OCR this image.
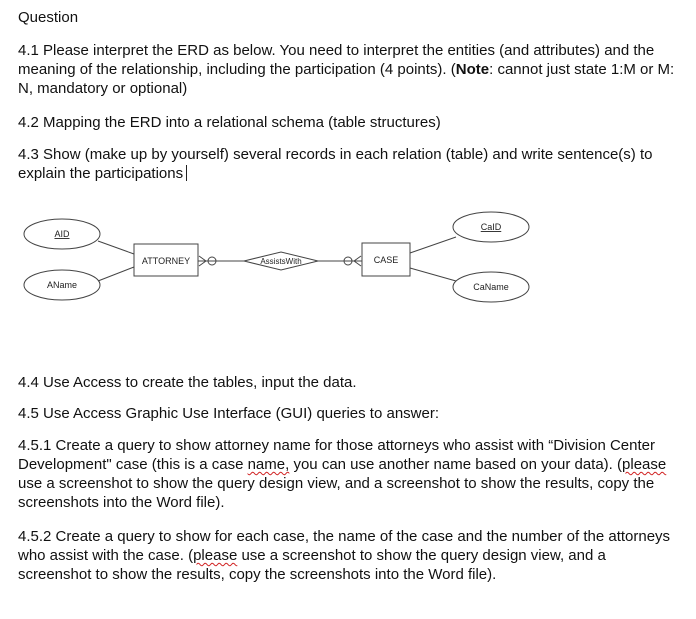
Question

4.1 Please interpret the ERD as below. You need to interpret the entities (and attributes) and the meaning of the relationship, including the participation (4 points). (Note: cannot just state 1:M or M: N, mandatory or optional)

4.2 Mapping the ERD into a relational schema (table structures)

4.3 Show (make up by yourself) several records in each relation (table) and write sentence(s) to explain the participations

AID
AName
ATTORNEY	AssistsWith	CASE
CaID
CaName

4.4 Use Access to create the tables, input the data.

4.5 Use Access Graphic Use Interface (GUI) queries to answer:

4.5.1 Create a query to show attorney name for those attorneys who assist with “Division Center Development" case (this is a case name, you can use another name based on your data). (please use a screenshot to show the query design view, and a screenshot to show the results, copy the screenshots into the Word file).

4.5.2 Create a query to show for each case, the name of the case and the number of the attorneys who assist with the case. (please use a screenshot to show the query design view, and a screenshot to show the results, copy the screenshots into the Word file).
